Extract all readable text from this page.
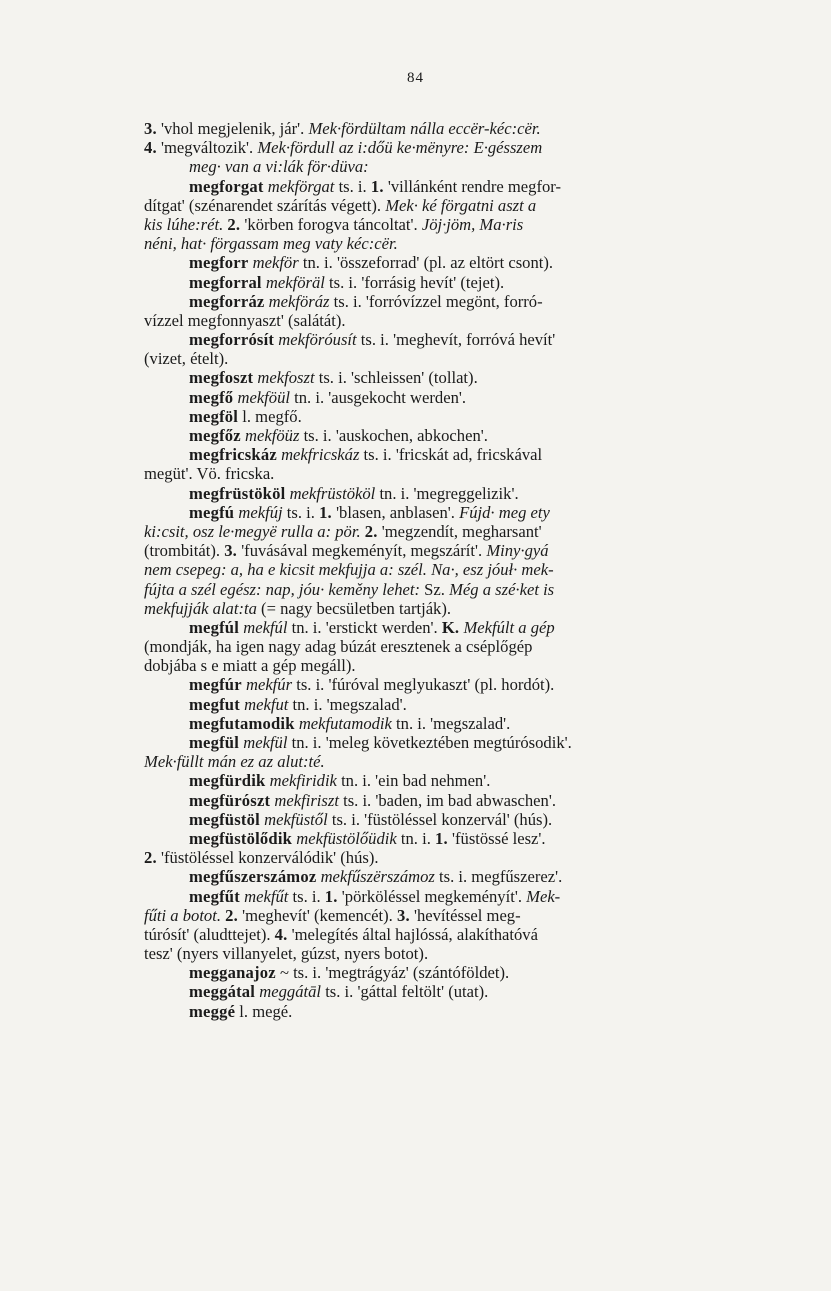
84
3. 'vhol megjelenik, jár'. Mek·fördültam nálla eccër-kéc:cër.
4. 'megváltozik'. Mek·fördull az i:dőü ke·mënyre: E·gésszem
meg· van a vi:lák för·düva:
megforgat mekförgat ts. i. 1. 'villánként rendre megfor-
dítgat' (szénarendet szárítás végett). Mek· ké förgatni aszt a
kis lúhe:rét. 2. 'körben forogva táncoltat'. Jöj·jöm, Ma·ris
néni, hat· förgassam meg vaty kéc:cër.
megforr mekför tn. i. 'összeforrad' (pl. az eltört csont).
megforral mekföräl ts. i. 'forrásig hevít' (tejet).
megforráz mekföráz ts. i. 'forróvízzel megönt, forró-
vízzel megfonnyaszt' (salátát).
megforrósít mekföróusít ts. i. 'meghevít, forróvá hevít'
(vizet, ételt).
megfoszt mekfoszt ts. i. 'schleissen' (tollat).
megfő mekföül tn. i. 'ausgekocht werden'.
megföl l. megfő.
megfőz mekföüz ts. i. 'auskochen, abkochen'.
megfricskáz mekfricskáz ts. i. 'fricskát ad, fricskával
megüt'. Vö. fricska.
megfrüstököl mekfrüstököl tn. i. 'megreggelizik'.
megfú mekfúj ts. i. 1. 'blasen, anblasen'. Fújd· meg ety
ki:csit, osz le·megyë rulla a: pör. 2. 'megzendít, megharsant'
(trombitát). 3. 'fuvásával megkeményít, megszárít'. Miny·gyá
nem csepeg: a, ha e kicsit mekfujja a: szél. Na·, esz jóuł· mek-
fújta a szél egész: nap, jóu· keměny lehet: Sz. Még a szé·ket is
mekfujják alat:ta (= nagy becsületben tartják).
megfúl mekfúl tn. i. 'erstickt werden'. K. Mekfúlt a gép
(mondják, ha igen nagy adag búzát eresztenek a cséplőgép
dobjába s e miatt a gép megáll).
megfúr mekfúr ts. i. 'fúróval meglyukaszt' (pl. hordót).
megfut mekfut tn. i. 'megszalad'.
megfutamodik mekfutamodik tn. i. 'megszalad'.
megfül mekfül tn. i. 'meleg következtében megtúrósodik'.
Mek·füllt mán ez az alut:té.
megfürdik mekfiridik tn. i. 'ein bad nehmen'.
megfürószt mekfiriszt ts. i. 'baden, im bad abwaschen'.
megfüstöl mekfüstől ts. i. 'füstöléssel konzervál' (hús).
megfüstölődik mekfüstölőüdik tn. i. 1. 'füstössé lesz'.
2. 'füstöléssel konzerválódik' (hús).
megfűszerszámoz mekfűszërszámoz ts. i. megfűszerez'.
megfűt mekfűt ts. i. 1. 'pörköléssel megkeményít'. Mek-
fűti a botot. 2. 'meghevít' (kemencét). 3. 'hevítéssel meg-
túrósít' (aludttejet). 4. 'melegítés által hajlóssá, alakíthatóvá
tesz' (nyers villanyelet, gúzst, nyers botot).
megganajoz ~ ts. i. 'megtrágyáz' (szántóföldet).
meggátal meggátāl ts. i. 'gáttal feltölt' (utat).
meggé l. megé.
